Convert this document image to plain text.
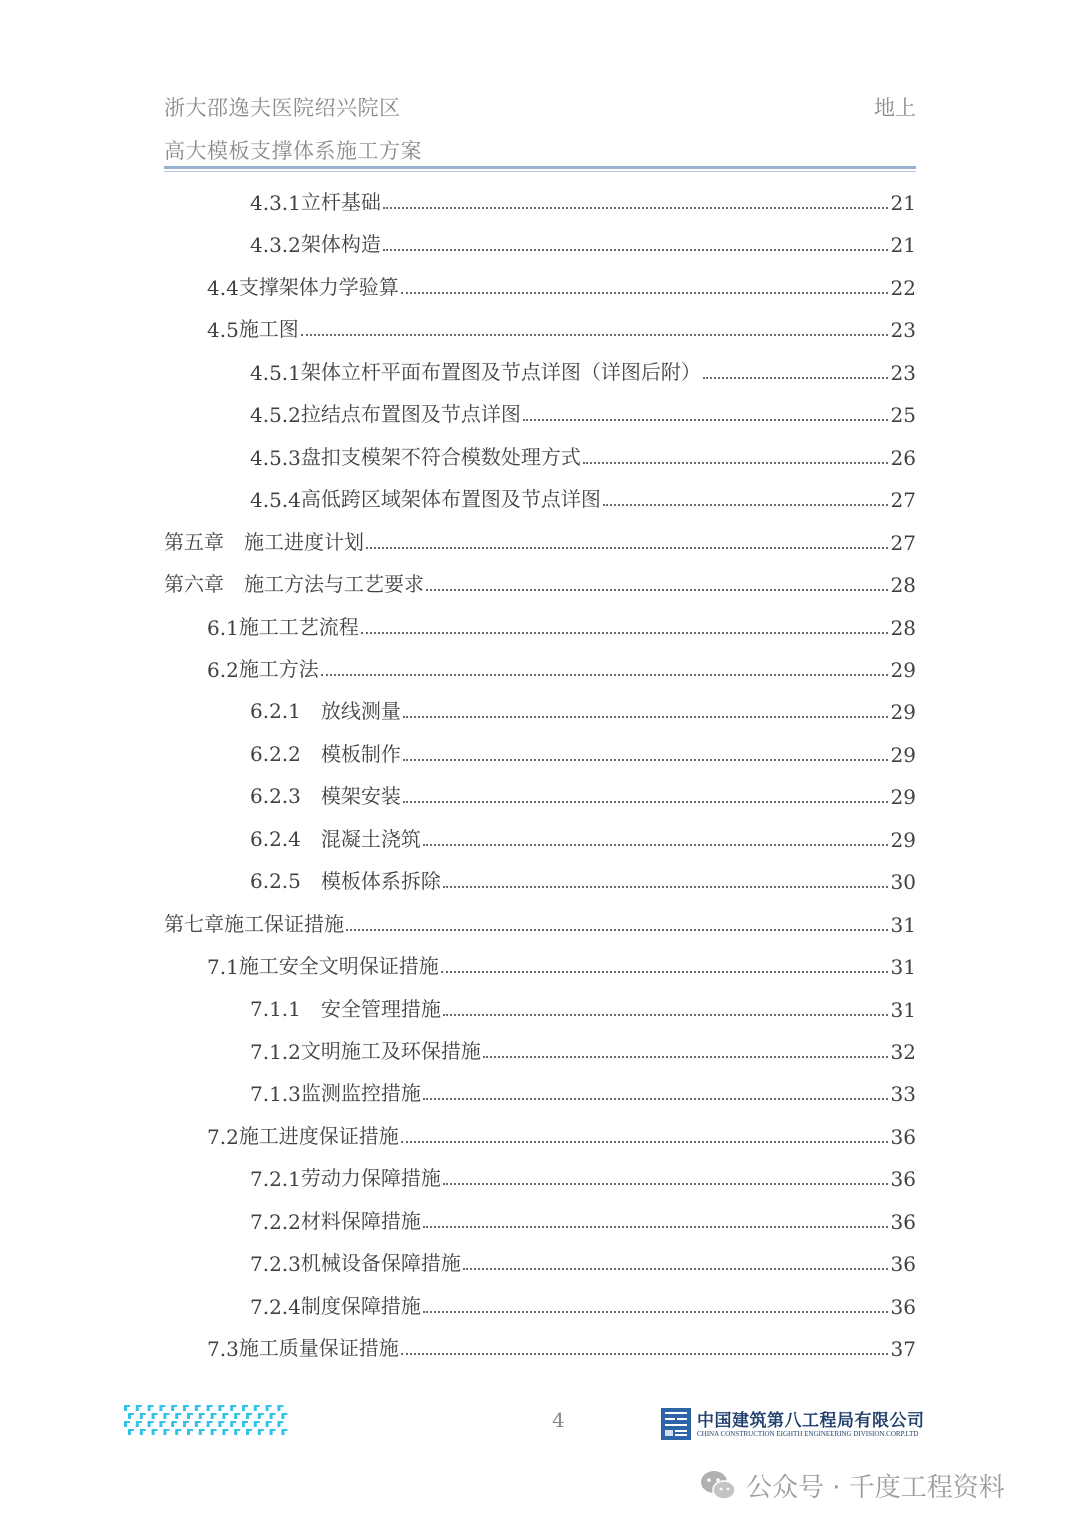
浙大邵逸夫医院绍兴院区
高大模板支撑体系施工方案
地上
4.3.1 立杆基础	21
4.3.2 架体构造	21
4.4 支撑架体力学验算	22
4.5 施工图	23
4.5.1 架体立杆平面布置图及节点详图（详图后附）	23
4.5.2 拉结点布置图及节点详图	25
4.5.3 盘扣支模架不符合模数处理方式	26
4.5.4 高低跨区域架体布置图及节点详图	27
第五章　 施工进度计划	27
第六章　 施工方法与工艺要求	28
6.1 施工工艺流程	28
6.2 施工方法	29
6.2.1　 放线测量	29
6.2.2　 模板制作	29
6.2.3　 模架安装	29
6.2.4　 混凝土浇筑	29
6.2.5　 模板体系拆除	30
第七章 施工保证措施	31
7.1 施工安全文明保证措施	31
7.1.1　 安全管理措施	31
7.1.2 文明施工及环保措施	32
7.1.3 监测监控措施	33
7.2 施工进度保证措施	36
7.2.1 劳动力保障措施	36
7.2.2 材料保障措施	36
7.2.3 机械设备保障措施	36
7.2.4 制度保障措施	36
7.3 施工质量保证措施	37
4	中国建筑第八工程局有限公司
CHINA CONSTRUCTION EIGHTH ENGINEERING DIVISION.CORP.LTD
公众号 · 千度工程资料
